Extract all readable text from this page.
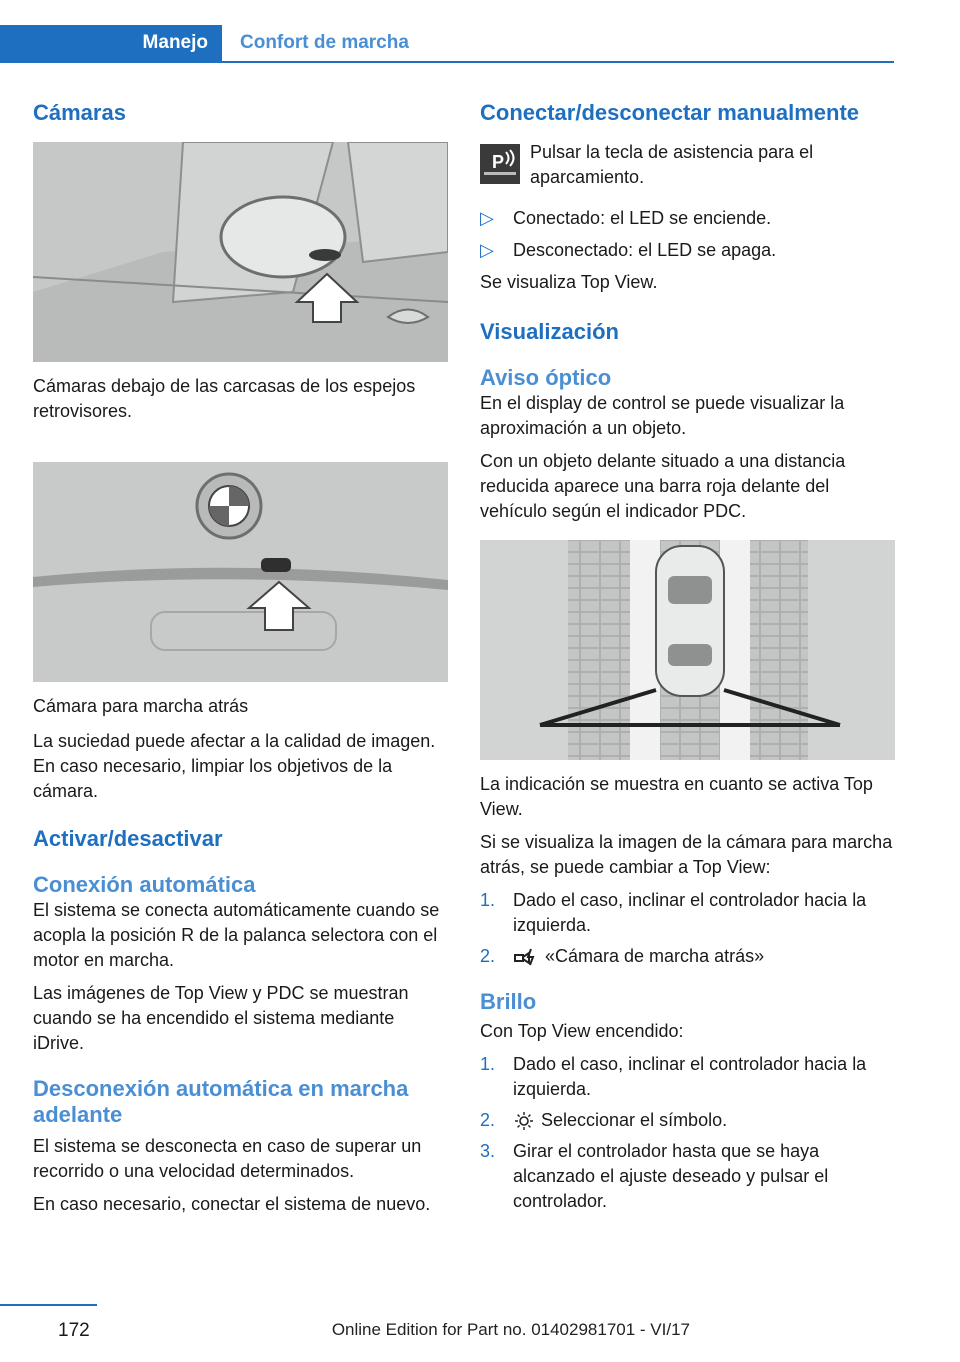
Manejo	Confort de marcha
Cámaras

Cámaras debajo de las carcasas de los espejos retrovisores.

Cámara para marcha atrás

La suciedad puede afectar a la calidad de imagen. En caso necesario, limpiar los objetivos de la cámara.

Activar/desactivar
Conexión automática

El sistema se conecta automáticamente cuando se acopla la posición R de la palanca selectora con el motor en marcha.

Las imágenes de Top View y PDC se muestran cuando se ha encendido el sistema mediante iDrive.

Desconexión automática en marcha adelante

El sistema se desconecta en caso de superar un recorrido o una velocidad determinados.

En caso necesario, conectar el sistema de nuevo.

Conectar/desconectar manualmente
P Pulsar la tecla de asistencia para el aparcamiento.

▷ Conectado: el LED se enciende.
▷ Desconectado: el LED se apaga.

Se visualiza Top View.

Visualización
Aviso óptico

En el display de control se puede visualizar la aproximación a un objeto.

Con un objeto delante situado a una distancia reducida aparece una barra roja delante del vehículo según el indicador PDC.

La indicación se muestra en cuanto se activa Top View.

Si se visualiza la imagen de la cámara para marcha atrás, se puede cambiar a Top View:

1. Dado el caso, inclinar el controlador hacia la izquierda.
2.	«Cámara de marcha atrás»
Brillo

Con Top View encendido:

1. Dado el caso, inclinar el controlador hacia la izquierda.
2.	Seleccionar el símbolo.
3. Girar el controlador hasta que se haya alcanzado el ajuste deseado y pulsar el controlador.
172	Online Edition for Part no. 01402981701 - VI/17
